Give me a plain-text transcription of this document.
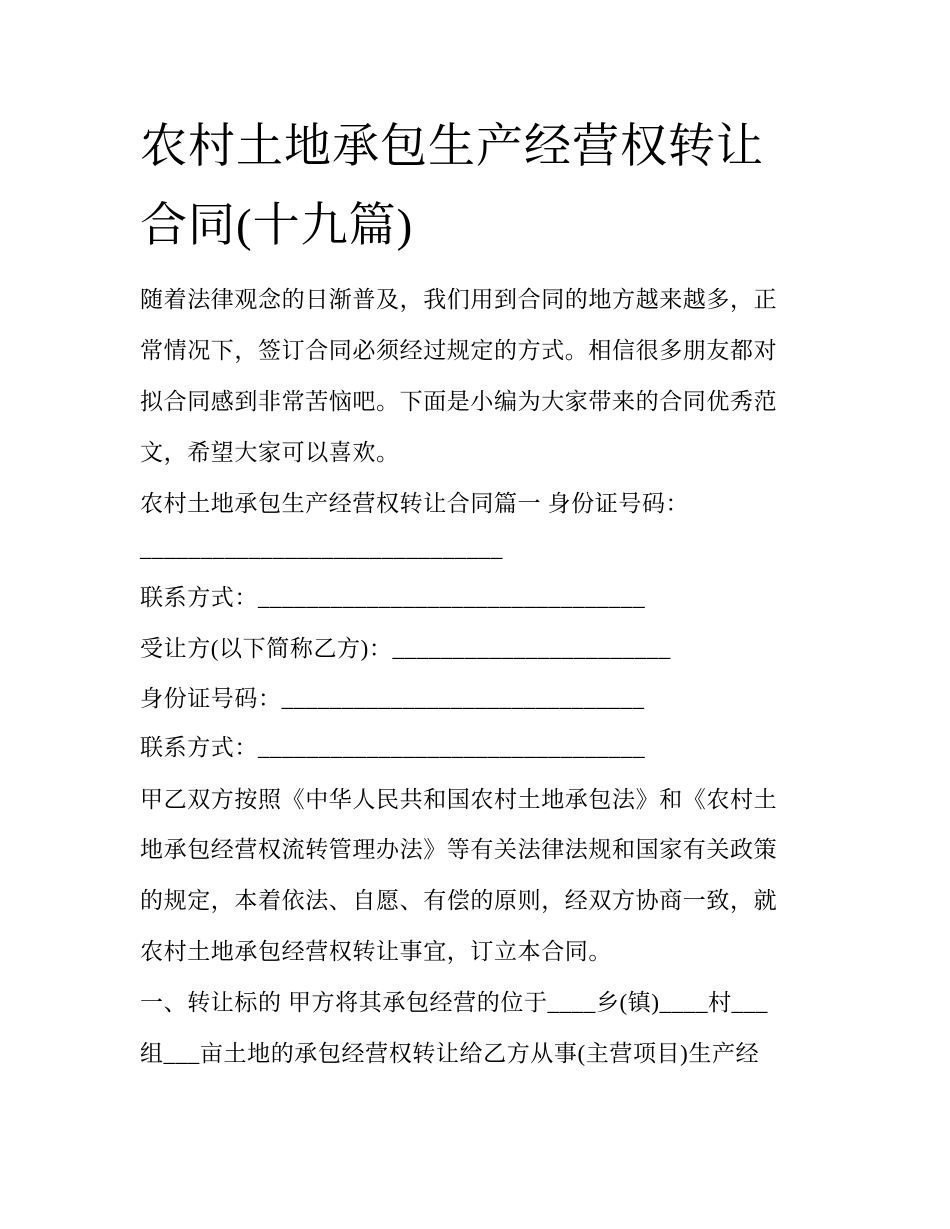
农村土地承包生产经营权转让
合同(十九篇)
随着法律观念的日渐普及，我们用到合同的地方越来越多，正
常情况下，签订合同必须经过规定的方式。相信很多朋友都对
拟合同感到非常苦恼吧。下面是小编为大家带来的合同优秀范
文，希望大家可以喜欢。
农村土地承包生产经营权转让合同篇一 身份证号码：
______________________________
联系方式：________________________________
受让方(以下简称乙方)：_______________________
身份证号码：______________________________
联系方式：________________________________
甲乙双方按照《中华人民共和国农村土地承包法》和《农村土
地承包经营权流转管理办法》等有关法律法规和国家有关政策
的规定，本着依法、自愿、有偿的原则，经双方协商一致，就
农村土地承包经营权转让事宜，订立本合同。
一、转让标的 甲方将其承包经营的位于____乡(镇)____村___
组___亩土地的承包经营权转让给乙方从事(主营项目)生产经
